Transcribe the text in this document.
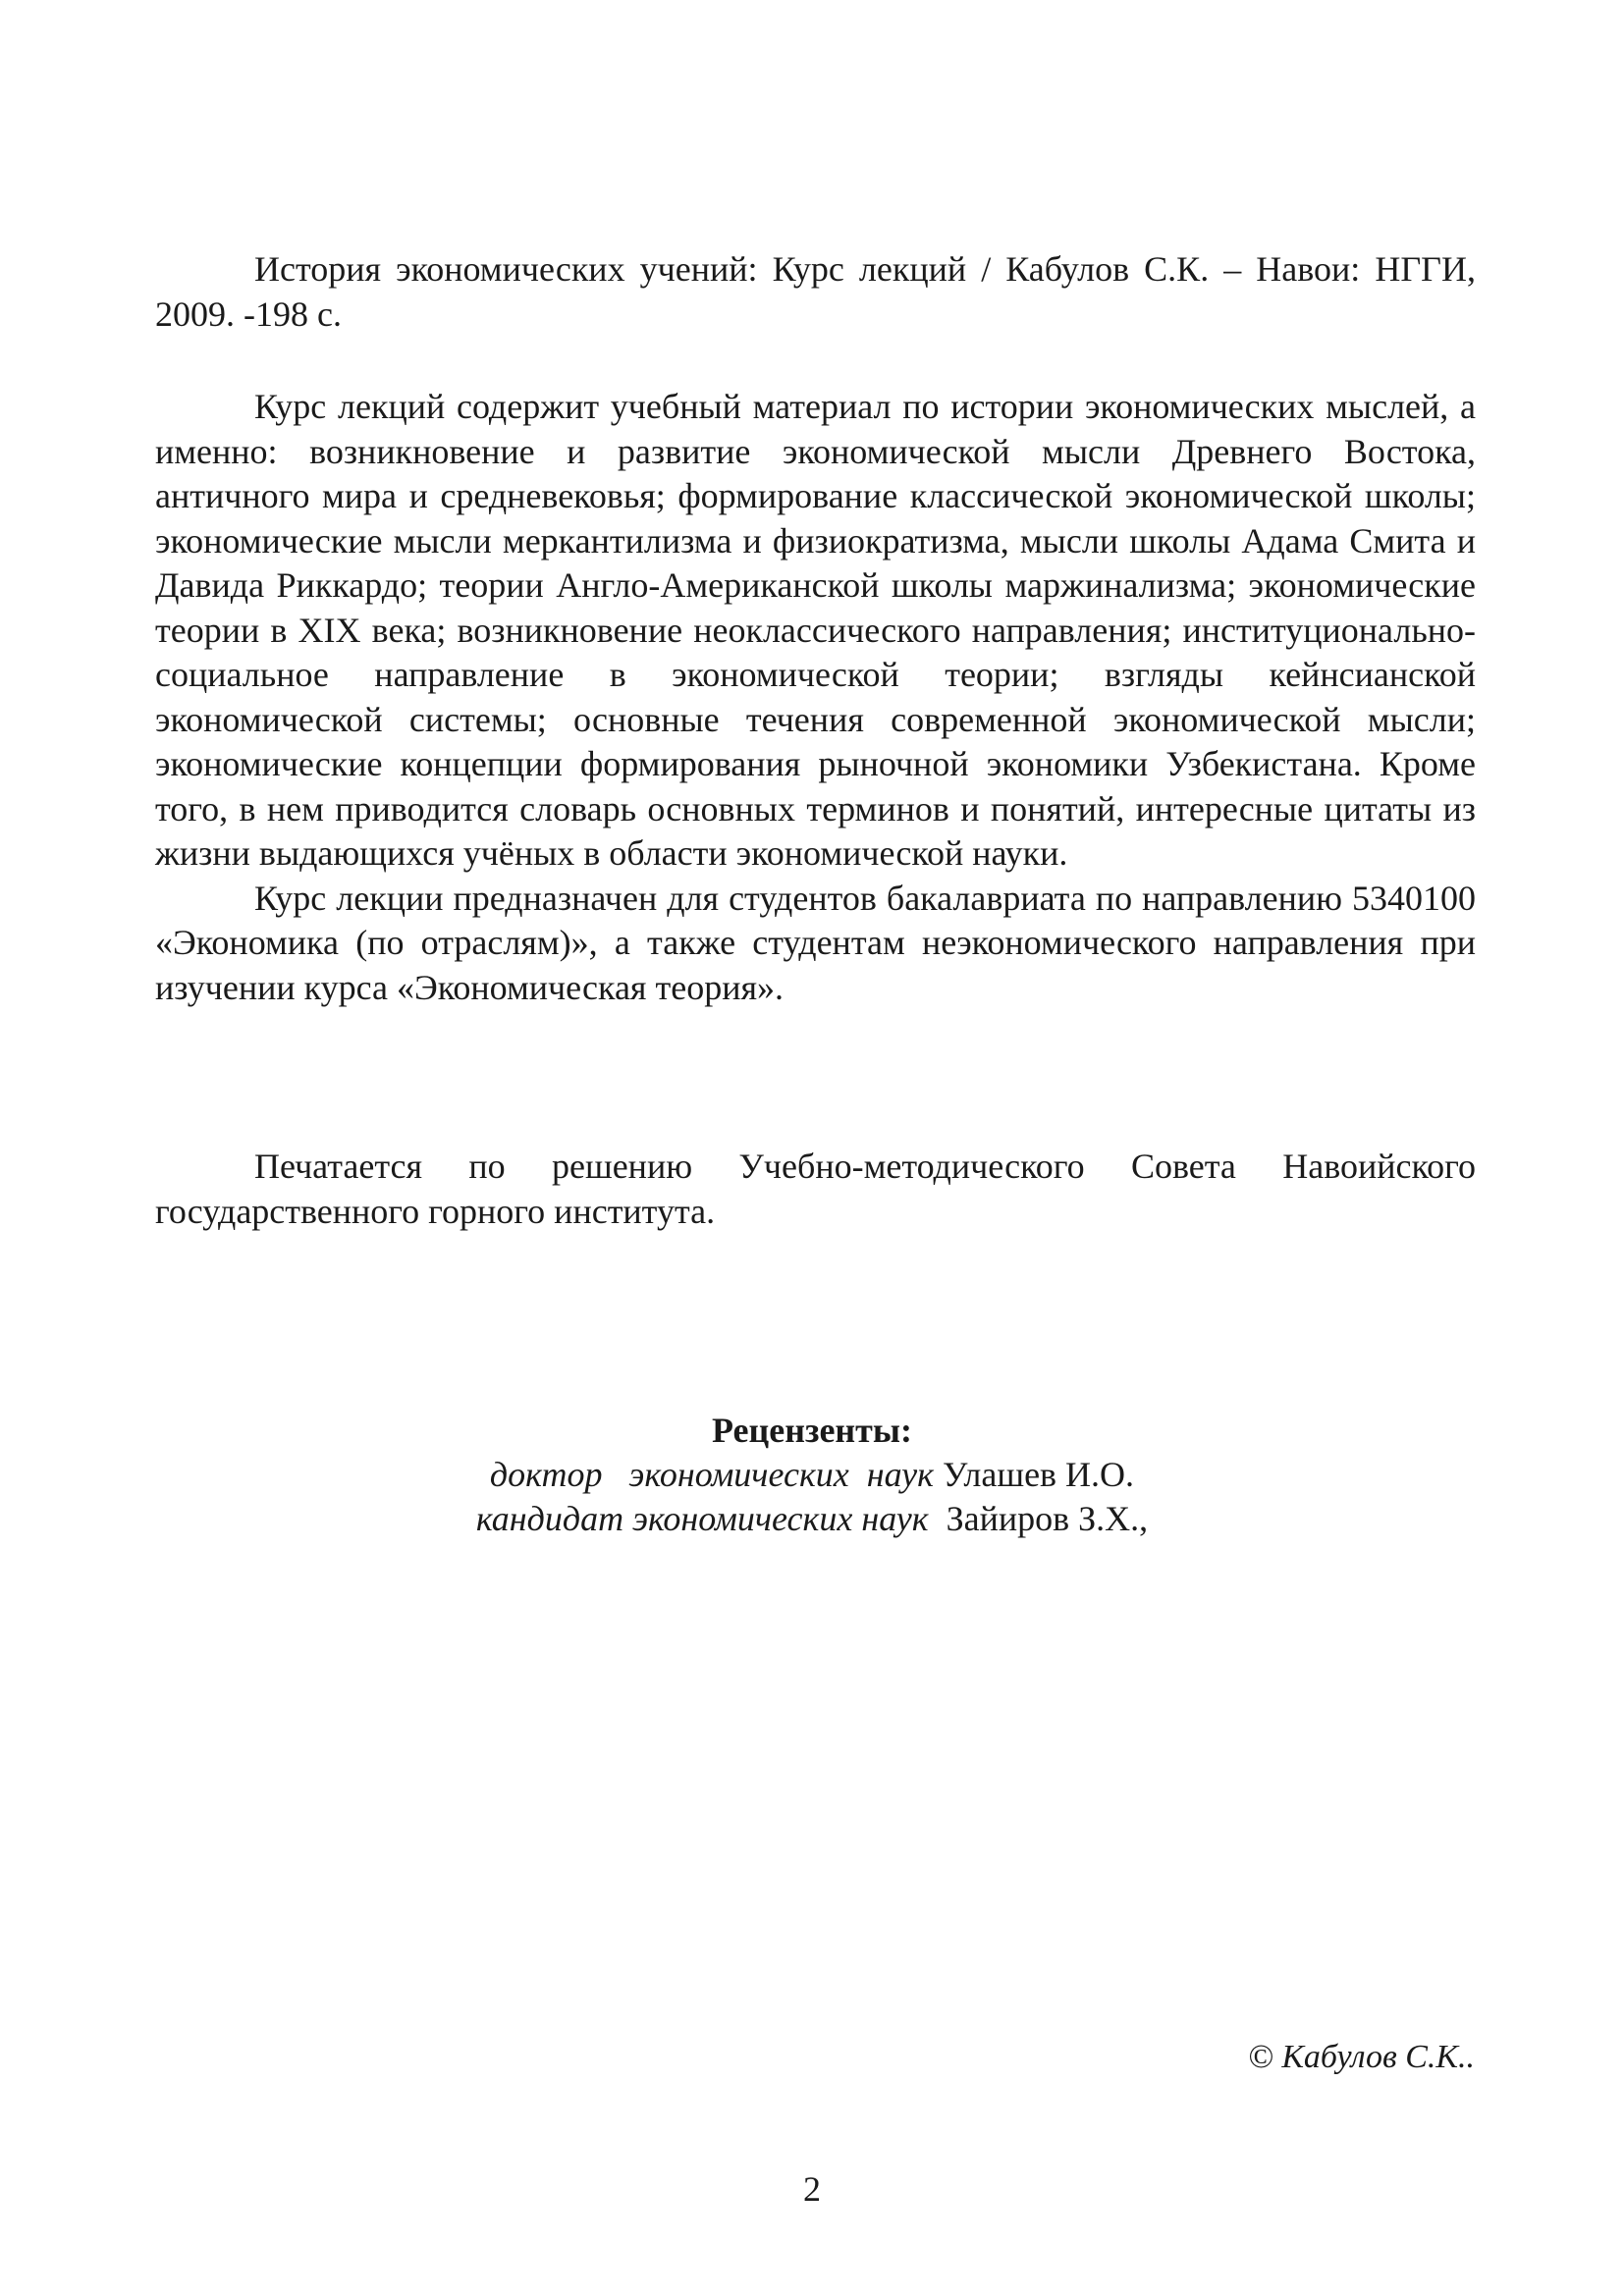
История экономических учений: Курс лекций / Кабулов С.К. – Навои: НГГИ, 2009. -198 с.

Курс лекций содержит учебный материал по истории экономических мыслей, а именно: возникновение и развитие экономической мысли Древнего Востока, античного мира и средневековья; формирование классической экономической школы; экономические мысли меркантилизма и физиократизма, мысли школы Адама Смита и Давида Риккардо; теории Англо-Американской школы маржинализма; экономические теории в XIX века; возникновение неоклассического направления; институционально-социальное направление в экономической теории; взгляды кейнсианской экономической системы; основные течения современной экономической мысли; экономические концепции формирования рыночной экономики Узбекистана. Кроме того, в нем приводится словарь основных терминов и понятий, интересные цитаты из жизни выдающихся учёных в области экономической науки.

Курс лекции предназначен для студентов бакалавриата по направлению 5340100 «Экономика (по отраслям)», а также студентам неэкономического направления при изучении курса «Экономическая теория».

Печатается по решению Учебно-методического Совета Навоийского государственного горного института.

Рецензенты:

доктор   экономических  наук Улашев И.О.

кандидат экономических наук  Зайиров З.Х.,

© Кабулов С.К..
2
